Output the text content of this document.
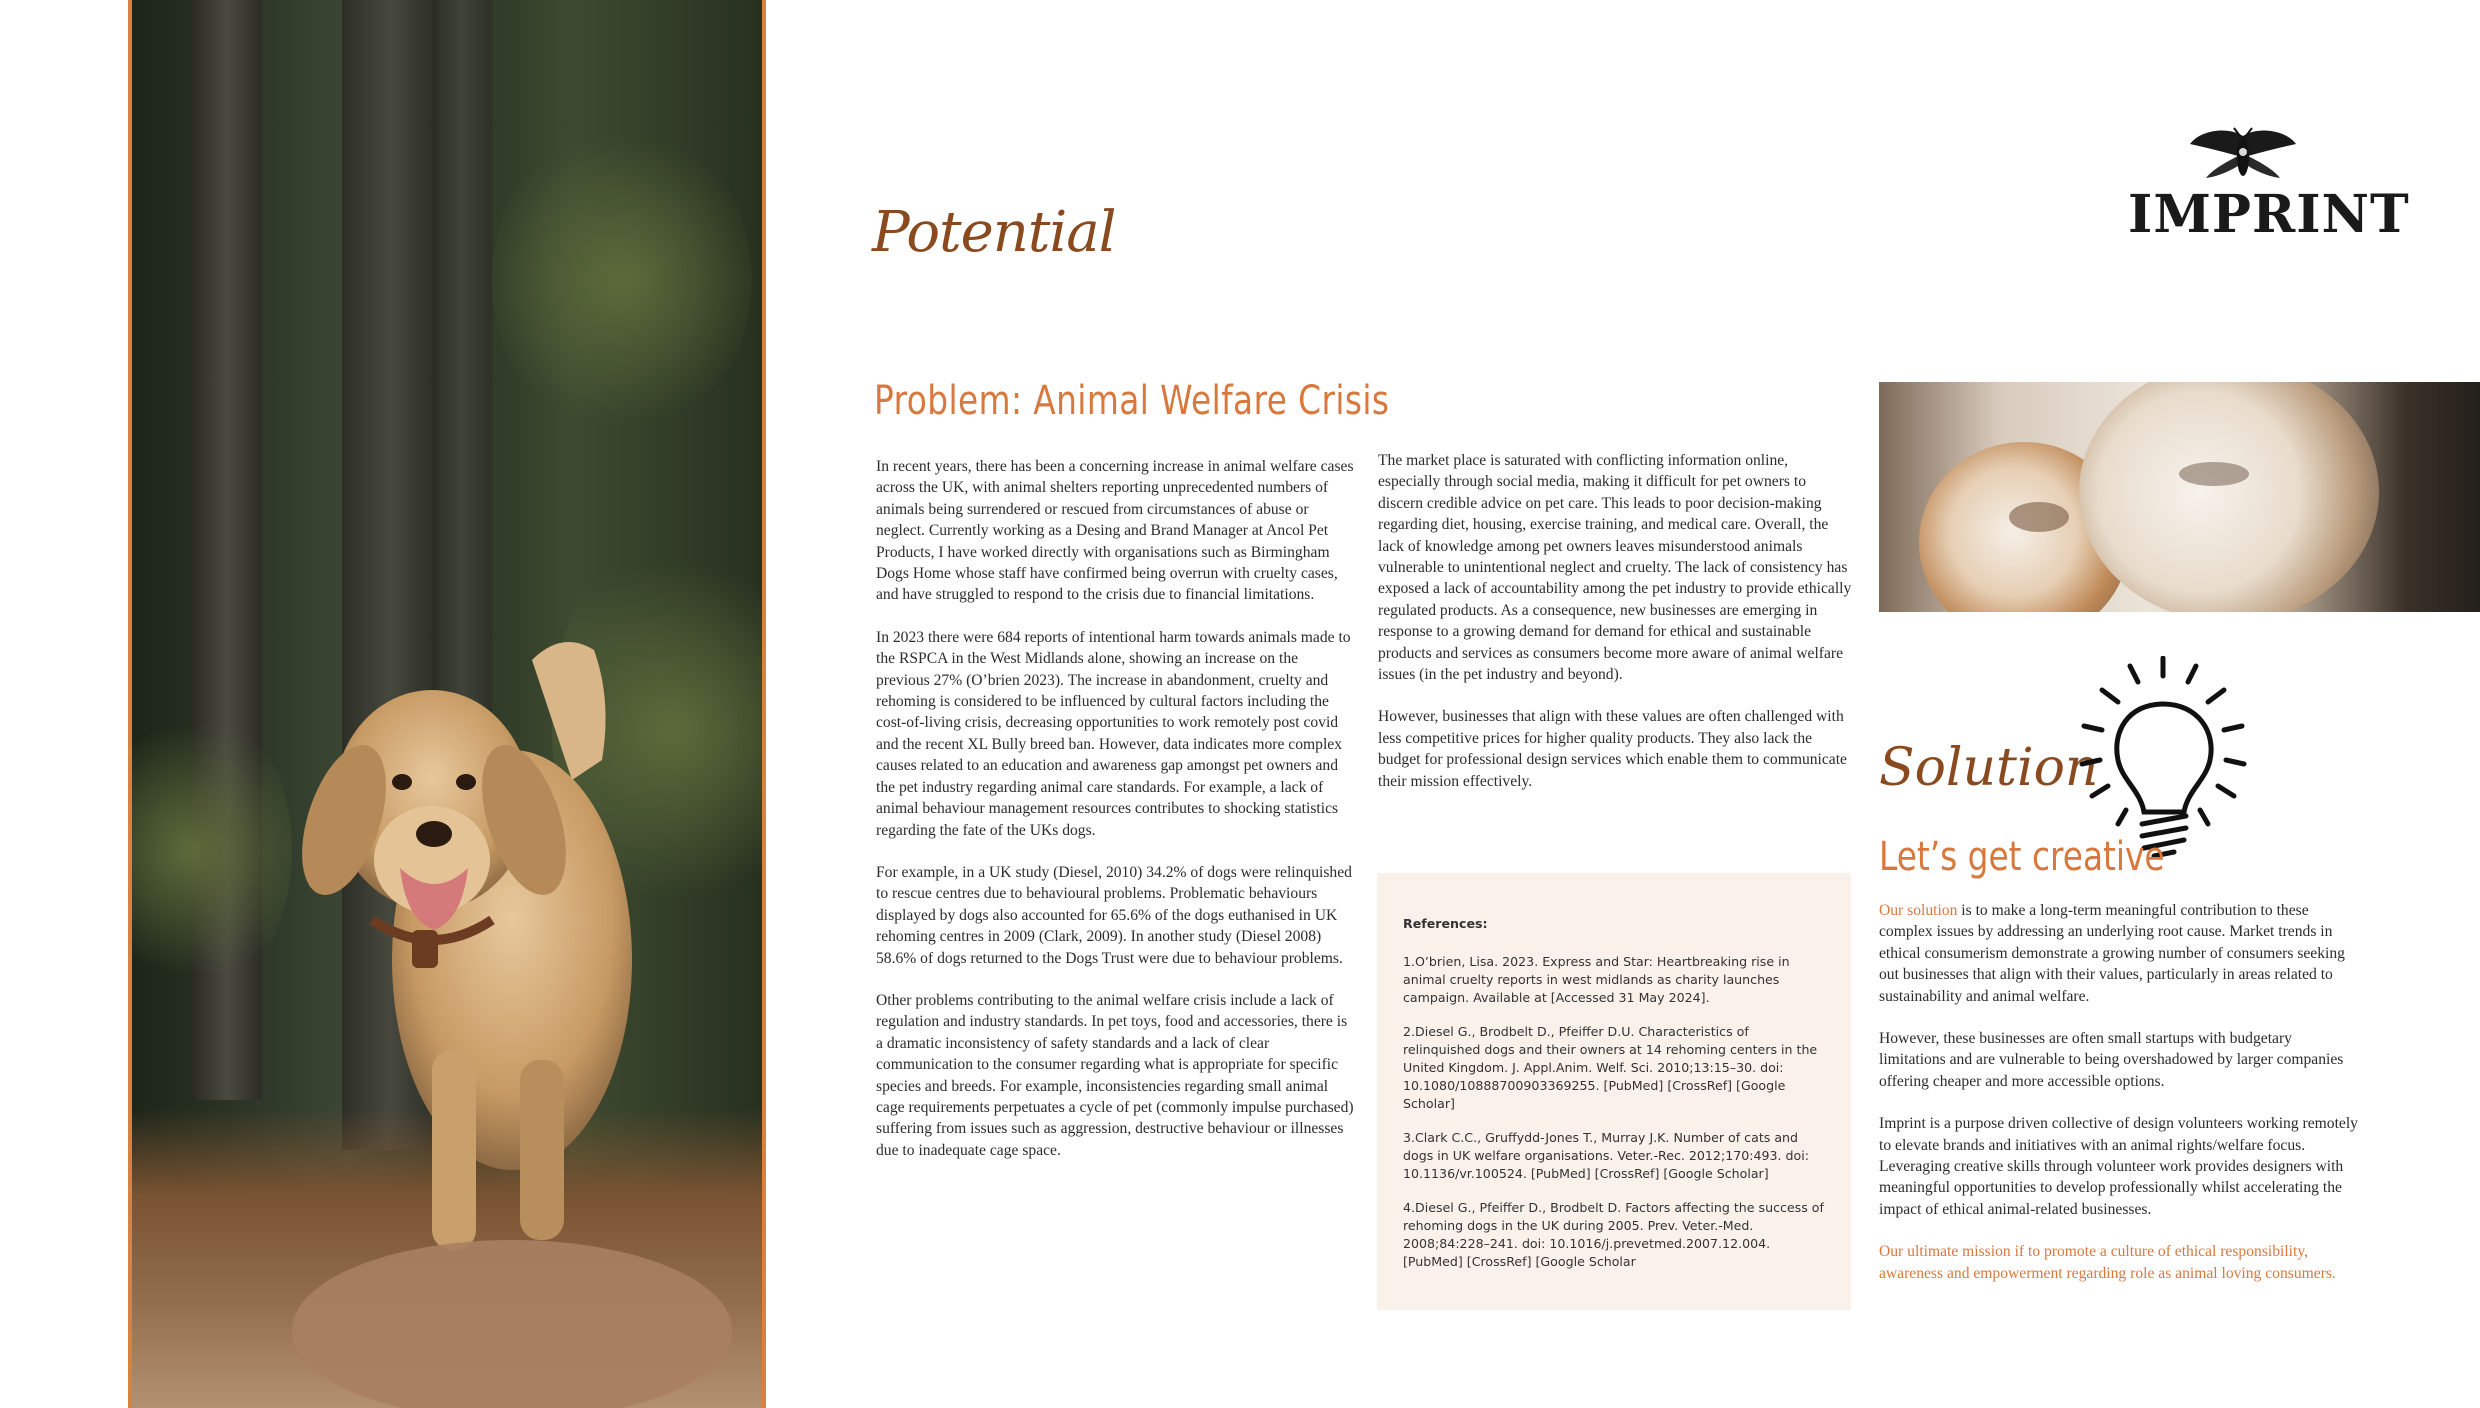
Potential
Problem: Animal Welfare Crisis

In recent years, there has been a concerning increase in animal welfare cases across the UK, with animal shelters reporting unprecedented numbers of animals being surrendered or rescued from circumstances of abuse or neglect. Currently working as a Desing and Brand Manager at Ancol Pet Products, I have worked directly with organisations such as Birmingham Dogs Home whose staff have confirmed being overrun with cruelty cases, and have struggled to respond to the crisis due to financial limitations.

In 2023 there were 684 reports of intentional harm towards animals made to the RSPCA in the West Midlands alone, showing an increase on the previous 27% (O’brien 2023). The increase in abandonment, cruelty and rehoming is considered to be influenced by cultural factors including the cost-of-living crisis, decreasing opportunities to work remotely post covid and the recent XL Bully breed ban. However, data indicates more complex causes related to an education and awareness gap amongst pet owners and the pet industry regarding animal care standards. For example, a lack of animal behaviour management resources contributes to shocking statistics regarding the fate of the UKs dogs.

For example, in a UK study (Diesel, 2010) 34.2% of dogs were relinquished to rescue centres due to behavioural problems. Problematic behaviours displayed by dogs also accounted for 65.6% of the dogs euthanised in UK rehoming centres in 2009 (Clark, 2009). In another study (Diesel 2008) 58.6% of dogs returned to the Dogs Trust were due to behaviour problems.

Other problems contributing to the animal welfare crisis include a lack of regulation and industry standards. In pet toys, food and accessories, there is a dramatic inconsistency of safety standards and a lack of clear communication to the consumer regarding what is appropriate for specific species and breeds. For example, inconsistencies regarding small animal cage requirements perpetuates a cycle of pet (commonly impulse purchased) suffering from issues such as aggression, destructive behaviour or illnesses due to inadequate cage space.

The market place is saturated with conflicting information online, especially through social media, making it difficult for pet owners to discern credible advice on pet care. This leads to poor decision-making regarding diet, housing, exercise training, and medical care. Overall, the lack of knowledge among pet owners leaves misunderstood animals vulnerable to unintentional neglect and cruelty. The lack of consistency has exposed a lack of accountability among the pet industry to provide ethically regulated products. As a consequence, new businesses are emerging in response to a growing demand for demand for ethical and sustainable products and services as consumers become more aware of animal welfare issues (in the pet industry and beyond).

However, businesses that align with these values are often challenged with less competitive prices for higher quality products. They also lack the budget for professional design services which enable them to communicate their mission effectively.

References:
1.O’brien, Lisa. 2023. Express and Star: Heartbreaking rise in animal cruelty reports in west midlands as charity launches campaign. Available at [Accessed 31 May 2024].
2.Diesel G., Brodbelt D., Pfeiffer D.U. Characteristics of relinquished dogs and their owners at 14 rehoming centers in the United Kingdom. J. Appl.Anim. Welf. Sci. 2010;13:15–30. doi: 10.1080/10888700903369255. [PubMed] [CrossRef] [Google Scholar]
3.Clark C.C., Gruffydd-Jones T., Murray J.K. Number of cats and dogs in UK welfare organisations. Veter.-Rec. 2012;170:493. doi: 10.1136/vr.100524. [PubMed] [CrossRef] [Google Scholar]
4.Diesel G., Pfeiffer D., Brodbelt D. Factors affecting the success of rehoming dogs in the UK during 2005. Prev. Veter.-Med. 2008;84:228–241. doi: 10.1016/j.prevetmed.2007.12.004. [PubMed] [CrossRef] [Google Scholar
IMPRINT
Solution
Let’s get creative

Our solution is to make a long-term meaningful contribution to these complex issues by addressing an underlying root cause. Market trends in ethical consumerism demonstrate a growing number of consumers seeking out businesses that align with their values, particularly in areas related to sustainability and animal welfare.

However, these businesses are often small startups with budgetary limitations and are vulnerable to being overshadowed by larger companies offering cheaper and more accessible options.

Imprint is a purpose driven collective of design volunteers working remotely to elevate brands and initiatives with an animal rights/welfare focus. Leveraging creative skills through volunteer work provides designers with meaningful opportunities to develop professionally whilst accelerating the impact of ethical animal-related businesses.

Our ultimate mission if to promote a culture of ethical responsibility, awareness and empowerment regarding role as animal loving consumers.
